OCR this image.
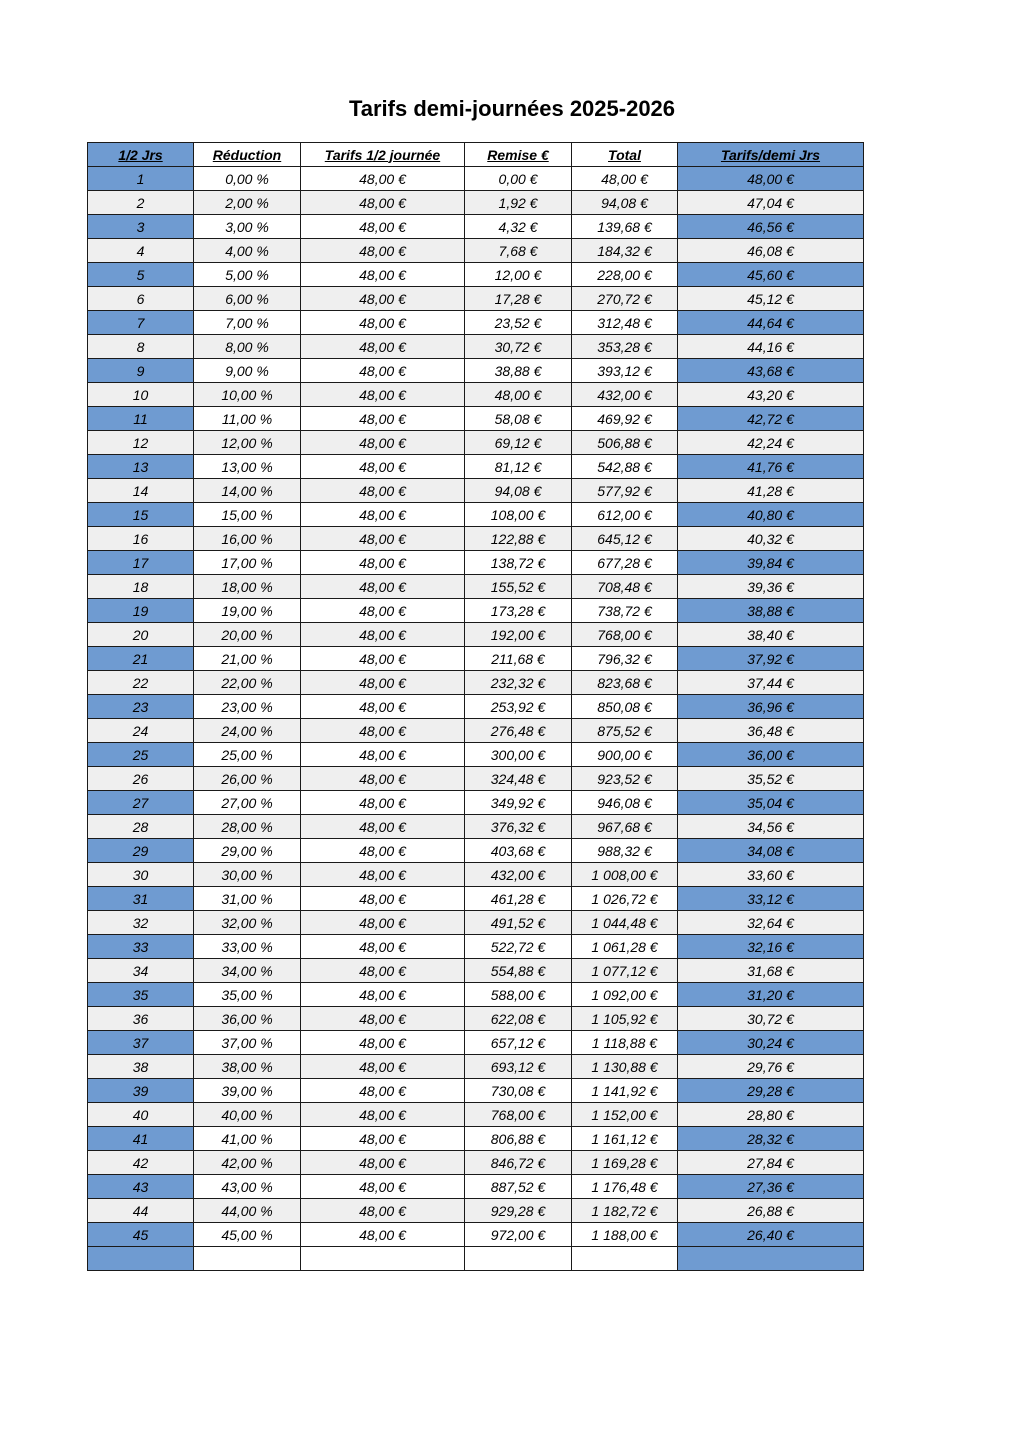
Tarifs demi-journées 2025-2026
1/2 Jrs	Réduction	Tarifs 1/2 journée	Remise €	Total	Tarifs/demi Jrs
1	0,00 %	48,00 €	0,00 €	48,00 €	48,00 €
2	2,00 %	48,00 €	1,92 €	94,08 €	47,04 €
3	3,00 %	48,00 €	4,32 €	139,68 €	46,56 €
4	4,00 %	48,00 €	7,68 €	184,32 €	46,08 €
5	5,00 %	48,00 €	12,00 €	228,00 €	45,60 €
6	6,00 %	48,00 €	17,28 €	270,72 €	45,12 €
7	7,00 %	48,00 €	23,52 €	312,48 €	44,64 €
8	8,00 %	48,00 €	30,72 €	353,28 €	44,16 €
9	9,00 %	48,00 €	38,88 €	393,12 €	43,68 €
10	10,00 %	48,00 €	48,00 €	432,00 €	43,20 €
11	11,00 %	48,00 €	58,08 €	469,92 €	42,72 €
12	12,00 %	48,00 €	69,12 €	506,88 €	42,24 €
13	13,00 %	48,00 €	81,12 €	542,88 €	41,76 €
14	14,00 %	48,00 €	94,08 €	577,92 €	41,28 €
15	15,00 %	48,00 €	108,00 €	612,00 €	40,80 €
16	16,00 %	48,00 €	122,88 €	645,12 €	40,32 €
17	17,00 %	48,00 €	138,72 €	677,28 €	39,84 €
18	18,00 %	48,00 €	155,52 €	708,48 €	39,36 €
19	19,00 %	48,00 €	173,28 €	738,72 €	38,88 €
20	20,00 %	48,00 €	192,00 €	768,00 €	38,40 €
21	21,00 %	48,00 €	211,68 €	796,32 €	37,92 €
22	22,00 %	48,00 €	232,32 €	823,68 €	37,44 €
23	23,00 %	48,00 €	253,92 €	850,08 €	36,96 €
24	24,00 %	48,00 €	276,48 €	875,52 €	36,48 €
25	25,00 %	48,00 €	300,00 €	900,00 €	36,00 €
26	26,00 %	48,00 €	324,48 €	923,52 €	35,52 €
27	27,00 %	48,00 €	349,92 €	946,08 €	35,04 €
28	28,00 %	48,00 €	376,32 €	967,68 €	34,56 €
29	29,00 %	48,00 €	403,68 €	988,32 €	34,08 €
30	30,00 %	48,00 €	432,00 €	1 008,00 €	33,60 €
31	31,00 %	48,00 €	461,28 €	1 026,72 €	33,12 €
32	32,00 %	48,00 €	491,52 €	1 044,48 €	32,64 €
33	33,00 %	48,00 €	522,72 €	1 061,28 €	32,16 €
34	34,00 %	48,00 €	554,88 €	1 077,12 €	31,68 €
35	35,00 %	48,00 €	588,00 €	1 092,00 €	31,20 €
36	36,00 %	48,00 €	622,08 €	1 105,92 €	30,72 €
37	37,00 %	48,00 €	657,12 €	1 118,88 €	30,24 €
38	38,00 %	48,00 €	693,12 €	1 130,88 €	29,76 €
39	39,00 %	48,00 €	730,08 €	1 141,92 €	29,28 €
40	40,00 %	48,00 €	768,00 €	1 152,00 €	28,80 €
41	41,00 %	48,00 €	806,88 €	1 161,12 €	28,32 €
42	42,00 %	48,00 €	846,72 €	1 169,28 €	27,84 €
43	43,00 %	48,00 €	887,52 €	1 176,48 €	27,36 €
44	44,00 %	48,00 €	929,28 €	1 182,72 €	26,88 €
45	45,00 %	48,00 €	972,00 €	1 188,00 €	26,40 €
